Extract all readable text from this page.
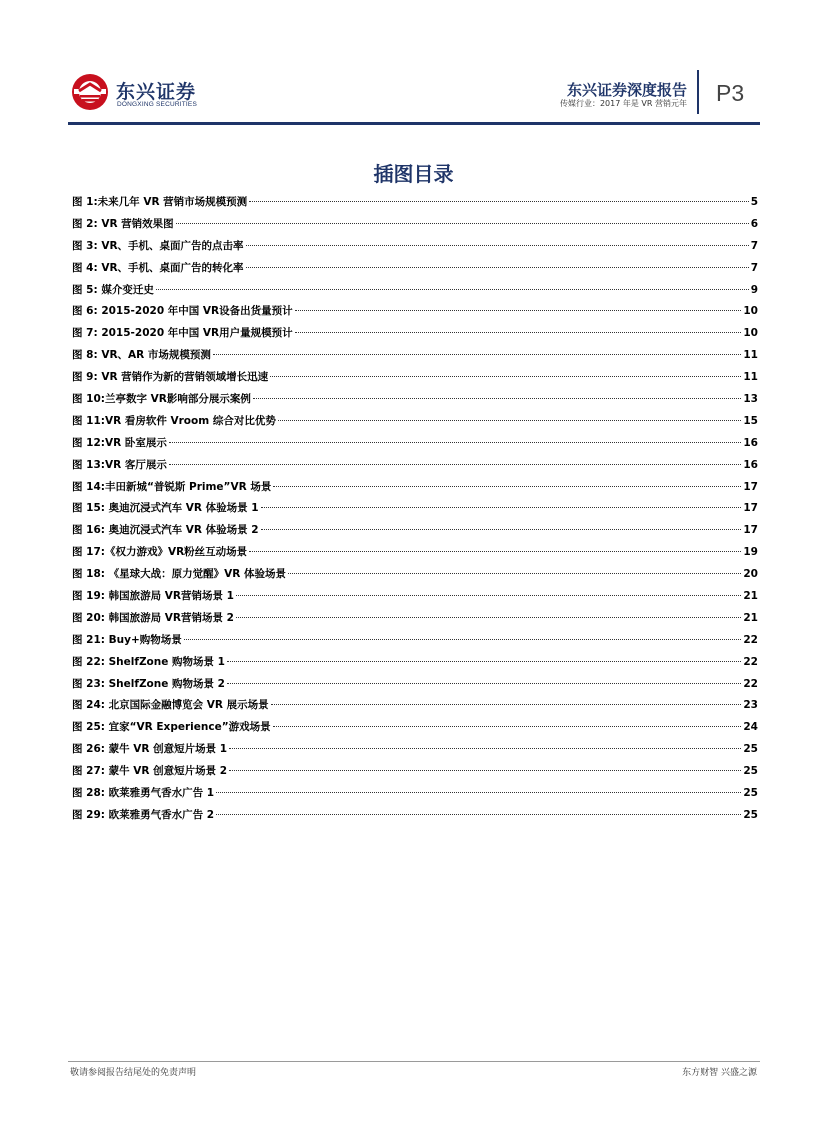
东兴证券
DONGXING SECURITIES
东兴证券深度报告
传媒行业：2017 年是 VR 营销元年 P3
插图目录
图 1:未来几年 VR 营销市场规模预测	5
图 2: VR 营销效果图	6
图 3: VR、手机、桌面广告的点击率	7
图 4: VR、手机、桌面广告的转化率	7
图 5: 媒介变迁史	9
图 6: 2015-2020 年中国 VR设备出货量预计	10
图 7: 2015-2020 年中国 VR用户量规模预计	10
图 8: VR、AR 市场规模预测	11
图 9: VR 营销作为新的营销领域增长迅速	11
图 10:兰亭数字 VR影响部分展示案例	13
图 11:VR 看房软件 Vroom 综合对比优势	15
图 12:VR 卧室展示	16
图 13:VR 客厅展示	16
图 14:丰田新城“普锐斯 Prime”VR 场景	17
图 15: 奥迪沉浸式汽车 VR 体验场景 1	17
图 16: 奥迪沉浸式汽车 VR 体验场景 2	17
图 17:《权力游戏》VR粉丝互动场景	19
图 18: 《星球大战：原力觉醒》VR 体验场景	20
图 19: 韩国旅游局 VR营销场景 1	21
图 20: 韩国旅游局 VR营销场景 2	21
图 21: Buy+购物场景	22
图 22: ShelfZone 购物场景 1	22
图 23: ShelfZone 购物场景 2	22
图 24: 北京国际金融博览会 VR 展示场景	23
图 25: 宜家“VR Experience”游戏场景	24
图 26: 蒙牛 VR 创意短片场景 1	25
图 27: 蒙牛 VR 创意短片场景 2	25
图 28: 欧莱雅勇气香水广告 1	25
图 29: 欧莱雅勇气香水广告 2	25
敬请参阅报告结尾处的免责声明	东方财智 兴盛之源
